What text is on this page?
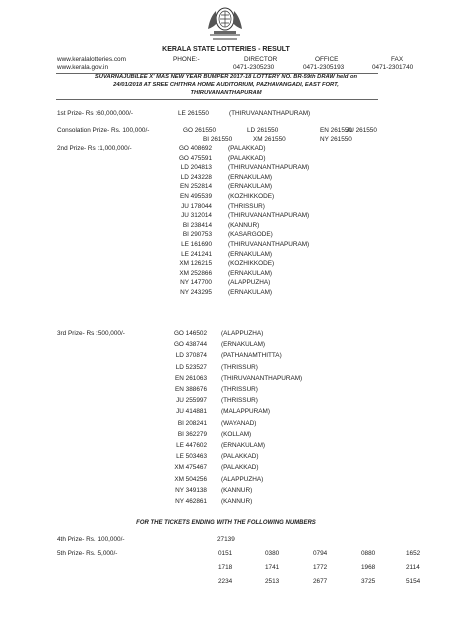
KERALA STATE LOTTERIES - RESULT
www.keralalotteries.com
www.kerala.gov.in
PHONE:-	DIRECTOR
0471-2305230
OFFICE
0471-2305193
FAX
0471-2301740
SUVARNAJUBILEE X' MAS NEW YEAR BUMPER 2017-18 LOTTERY NO. BR-59th DRAW held on
24/01/2018 AT SREE CHITHRA HOME AUDITORIUM, PAZHAVANGADI, EAST FORT,
THIRUVANANTHAPURAM
1st Prize- Rs :60,000,000/-	LE 261550	(THIRUVANANTHAPURAM)
Consolation Prize- Rs. 100,000/-	GO 261550	LD 261550	EN 261550
JU 261550
BI 261550	XM 261550	NY 261550
2nd Prize- Rs :1,000,000/-	GO 408692	(PALAKKAD)
GO 475591	(PALAKKAD)
LD 204813	(THIRUVANANTHAPURAM)
LD 243228	(ERNAKULAM)
EN 252814	(ERNAKULAM)
EN 495539	(KOZHIKKODE)
JU 178044	(THRISSUR)
JU 312014	(THIRUVANANTHAPURAM)
BI 238414	(KANNUR)
BI 290753	(KASARGODE)
LE 161690	(THIRUVANANTHAPURAM)
LE 241241	(ERNAKULAM)
XM 126215	(KOZHIKKODE)
XM 252866	(ERNAKULAM)
NY 147700	(ALAPPUZHA)
NY 243295	(ERNAKULAM)
3rd Prize- Rs :500,000/-	GO 146502 (ALAPPUZHA)
GO 438744 (ERNAKULAM)
LD 370874 (PATHANAMTHITTA)
LD 523527 (THRISSUR)
EN 261063 (THIRUVANANTHAPURAM)
EN 388676 (THRISSUR)
JU 255997 (THRISSUR)
JU 414881 (MALAPPURAM)
BI 208241 (WAYANAD)
BI 362279 (KOLLAM)
LE 447602 (ERNAKULAM)
LE 503463 (PALAKKAD)
XM 475467 (PALAKKAD)
XM 504256 (ALAPPUZHA)
NY 349138 (KANNUR)
NY 462861 (KANNUR)
FOR THE TICKETS ENDING WITH THE FOLLOWING NUMBERS
4th Prize- Rs. 100,000/-	27139
5th Prize- Rs. 5,000/-	0151	0380	0794	0880	1652
1718	1741	1772	1968	2114
2234	2513	2677	3725	5154
